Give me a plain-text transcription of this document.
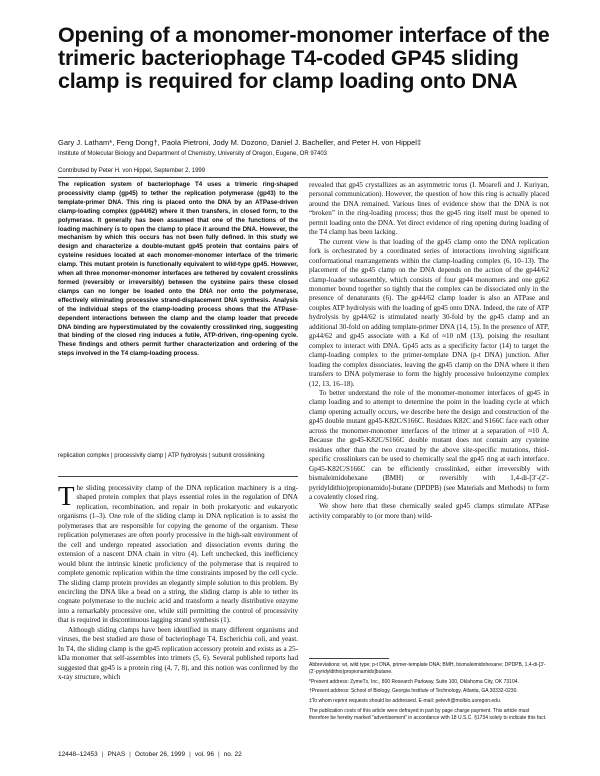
Opening of a monomer-monomer interface of the trimeric bacteriophage T4-coded GP45 sliding clamp is required for clamp loading onto DNA
Gary J. Latham*, Feng Dong†, Paola Pietroni, Jody M. Dozono, Daniel J. Bacheller, and Peter H. von Hippel‡
Institute of Molecular Biology and Department of Chemistry, University of Oregon, Eugene, OR 97403
Contributed by Peter H. von Hippel, September 2, 1999
The replication system of bacteriophage T4 uses a trimeric ring-shaped processivity clamp (gp45) to tether the replication polymerase (gp43) to the template-primer DNA. This ring is placed onto the DNA by an ATPase-driven clamp-loading complex (gp44/62) where it then transfers, in closed form, to the polymerase. It generally has been assumed that one of the functions of the loading machinery is to open the clamp to place it around the DNA. However, the mechanism by which this occurs has not been fully defined. In this study we design and characterize a double-mutant gp45 protein that contains pairs of cysteine residues located at each monomer-monomer interface of the trimeric clamp. This mutant protein is functionally equivalent to wild-type gp45. However, when all three monomer-monomer interfaces are tethered by covalent crosslinks formed (reversibly or irreversibly) between the cysteine pairs these closed clamps can no longer be loaded onto the DNA nor onto the polymerase, effectively eliminating processive strand-displacement DNA synthesis. Analysis of the individual steps of the clamp-loading process shows that the ATPase-dependent interactions between the clamp and the clamp loader that precede DNA binding are hyperstimulated by the covalently crosslinked ring, suggesting that binding of the closed ring induces a futile, ATP-driven, ring-opening cycle. These findings and others permit further characterization and ordering of the steps involved in the T4 clamp-loading process.
replication complex | processivity clamp | ATP hydrolysis | subunit crosslinking

The sliding processivity clamp of the DNA replication machinery is a ring-shaped protein complex that plays essential roles in the regulation of DNA replication, recombination, and repair in both prokaryotic and eukaryotic organisms (1–3). One role of the sliding clamp in DNA replication is to assist the polymerases that are responsible for copying the genome of the organism. These replication polymerases are often poorly processive in the high-salt environment of the cell and undergo repeated association and dissociation events during the extension of a nascent DNA chain in vitro (4). Left unchecked, this inefficiency would blunt the intrinsic kinetic proficiency of the polymerase that is required to complete genomic replication within the time constraints imposed by the cell cycle. The sliding clamp protein provides an elegantly simple solution to this problem. By encircling the DNA like a bead on a string, the sliding clamp is able to tether its cognate polymerase to the nucleic acid and transform a nearly distributive enzyme into a remarkably processive one, while still permitting the control of processivity that is required in discontinuous lagging strand synthesis (1).

Although sliding clamps have been identified in many different organisms and viruses, the best studied are those of bacteriophage T4, Escherichia coli, and yeast. In T4, the sliding clamp is the gp45 replication accessory protein and exists as a 25-kDa monomer that self-assembles into trimers (5, 6). Several published reports had suggested that gp45 is a protein ring (4, 7, 8), and this notion was confirmed by the x-ray structure, which

revealed that gp45 crystallizes as an asymmetric torus (I. Moarefi and J. Kuriyan, personal communication). However, the question of how this ring is actually placed around the DNA remained. Various lines of evidence show that the DNA is not “broken” in the ring-loading process; thus the gp45 ring itself must be opened to permit loading onto the DNA. Yet direct evidence of ring opening during loading of the T4 clamp has been lacking.

The current view is that loading of the gp45 clamp onto the DNA replication fork is orchestrated by a coordinated series of interactions involving significant conformational rearrangements within the clamp-loading complex (6, 10–13). The placement of the gp45 clamp on the DNA depends on the action of the gp44/62 clamp-loader subassembly, which consists of four gp44 monomers and one gp62 monomer bound together so tightly that the complex can be dissociated only in the presence of denaturants (6). The gp44/62 clamp loader is also an ATPase and couples ATP hydrolysis with the loading of gp45 onto DNA. Indeed, the rate of ATP hydrolysis by gp44/62 is stimulated nearly 30-fold by the gp45 clamp and an additional 30-fold on adding template-primer DNA (14, 15). In the presence of ATP, gp44/62 and gp45 associate with a Kd of ≈10 nM (13), poising the resultant complex to interact with DNA. Gp45 acts as a specificity factor (14) to target the clamp-loading complex to the primer-template DNA (p-t DNA) junction. After loading the complex dissociates, leaving the gp45 clamp on the DNA where it then transfers to DNA polymerase to form the highly processive holoenzyme complex (12, 13, 16–18).

To better understand the role of the monomer-monomer interfaces of gp45 in clamp loading and to attempt to determine the point in the loading cycle at which clamp opening actually occurs, we describe here the design and construction of the gp45 double mutant gp45-K82C/S166C. Residues K82C and S166C face each other across the monomer-monomer interfaces of the trimer at a separation of ≈10 Å. Because the gp45-K82C/S166C double mutant does not contain any cysteine residues other than the two created by the above site-specific mutations, thiol-specific crosslinkers can be used to chemically seal the gp45 ring at each interface. Gp45-K82C/S166C can be efficiently crosslinked, either irreversibly with bismaleimidohexane (BMH) or reversibly with 1,4-di-[3′-(2′-pyridyldithio)propionamido]-butane (DPDPB) (see Materials and Methods) to form a covalently closed ring.

We show here that these chemically sealed gp45 clamps stimulate ATPase activity comparably to (or more than) wild-

Abbreviations: wt, wild type; p-t DNA, primer-template DNA; BMH, bismaleimidohexane; DPDPB, 1,4-di-[3′-(2′-pyridyldithio)propionamido]butane.

*Present address: ZymeTx, Inc., 800 Research Parkway, Suite 100, Oklahoma City, OK 73104.

†Present address: School of Biology, Georgia Institute of Technology, Atlanta, GA 30332-0230.

‡To whom reprint requests should be addressed. E-mail: petevh@molbio.uoregon.edu.

The publication costs of this article were defrayed in part by page charge payment. This article must therefore be hereby marked “advertisement” in accordance with 18 U.S.C. §1734 solely to indicate this fact.

12448–12453 | PNAS | October 26, 1999 | vol. 96 | no. 22
